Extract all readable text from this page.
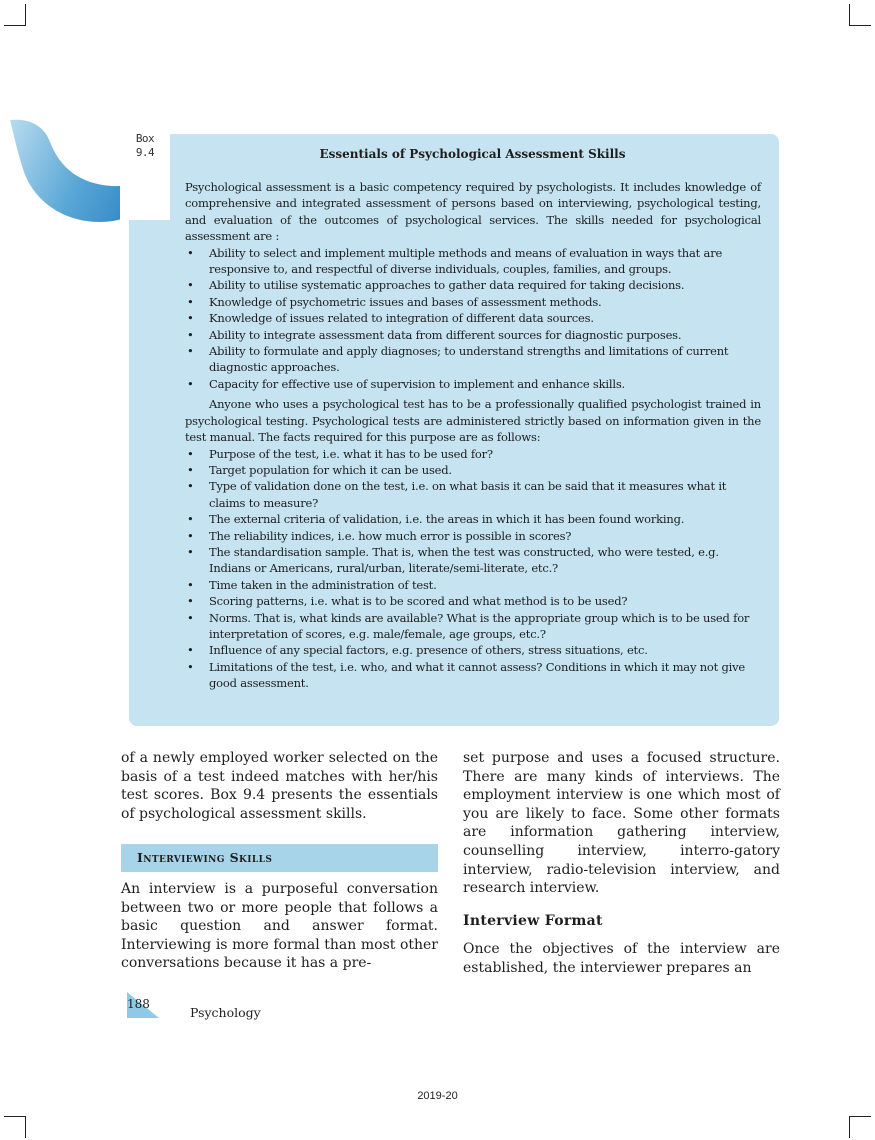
Box
9.4	Essentials of Psychological Assessment Skills

Psychological assessment is a basic competency required by psychologists. It includes knowledge of comprehensive and integrated assessment of persons based on interviewing, psychological testing, and evaluation of the outcomes of psychological services. The skills needed for psychological assessment are :

• Ability to select and implement multiple methods and means of evaluation in ways that are responsive to, and respectful of diverse individuals, couples, families, and groups.
• Ability to utilise systematic approaches to gather data required for taking decisions.
• Knowledge of psychometric issues and bases of assessment methods.
• Knowledge of issues related to integration of different data sources.
• Ability to integrate assessment data from different sources for diagnostic purposes.
• Ability to formulate and apply diagnoses; to understand strengths and limitations of current diagnostic approaches.
• Capacity for effective use of supervision to implement and enhance skills.

Anyone who uses a psychological test has to be a professionally qualified psychologist trained in psychological testing. Psychological tests are administered strictly based on information given in the test manual. The facts required for this purpose are as follows:

• Purpose of the test, i.e. what it has to be used for?
• Target population for which it can be used.
• Type of validation done on the test, i.e. on what basis it can be said that it measures what it claims to measure?
• The external criteria of validation, i.e. the areas in which it has been found working.
• The reliability indices, i.e. how much error is possible in scores?
• The standardisation sample. That is, when the test was constructed, who were tested, e.g. Indians or Americans, rural/urban, literate/semi-literate, etc.?
• Time taken in the administration of test.
• Scoring patterns, i.e. what is to be scored and what method is to be used?
• Norms. That is, what kinds are available? What is the appropriate group which is to be used for interpretation of scores, e.g. male/female, age groups, etc.?
• Influence of any special factors, e.g. presence of others, stress situations, etc.
• Limitations of the test, i.e. who, and what it cannot assess? Conditions in which it may not give good assessment.

of a newly employed worker selected on the basis of a test indeed matches with her/his test scores. Box 9.4 presents the essentials of psychological assessment skills.

Interviewing Skills
An interview is a purposeful conversation between two or more people that follows a basic question and answer format. Interviewing is more formal than most other conversations because it has a pre-

set purpose and uses a focused structure. There are many kinds of interviews. The employment interview is one which most of you are likely to face. Some other formats are information gathering interview, counselling interview, interro-gatory interview, radio-television interview, and research interview.

Interview Format
Once the objectives of the interview are established, the interviewer prepares an
188
Psychology
2019-20
